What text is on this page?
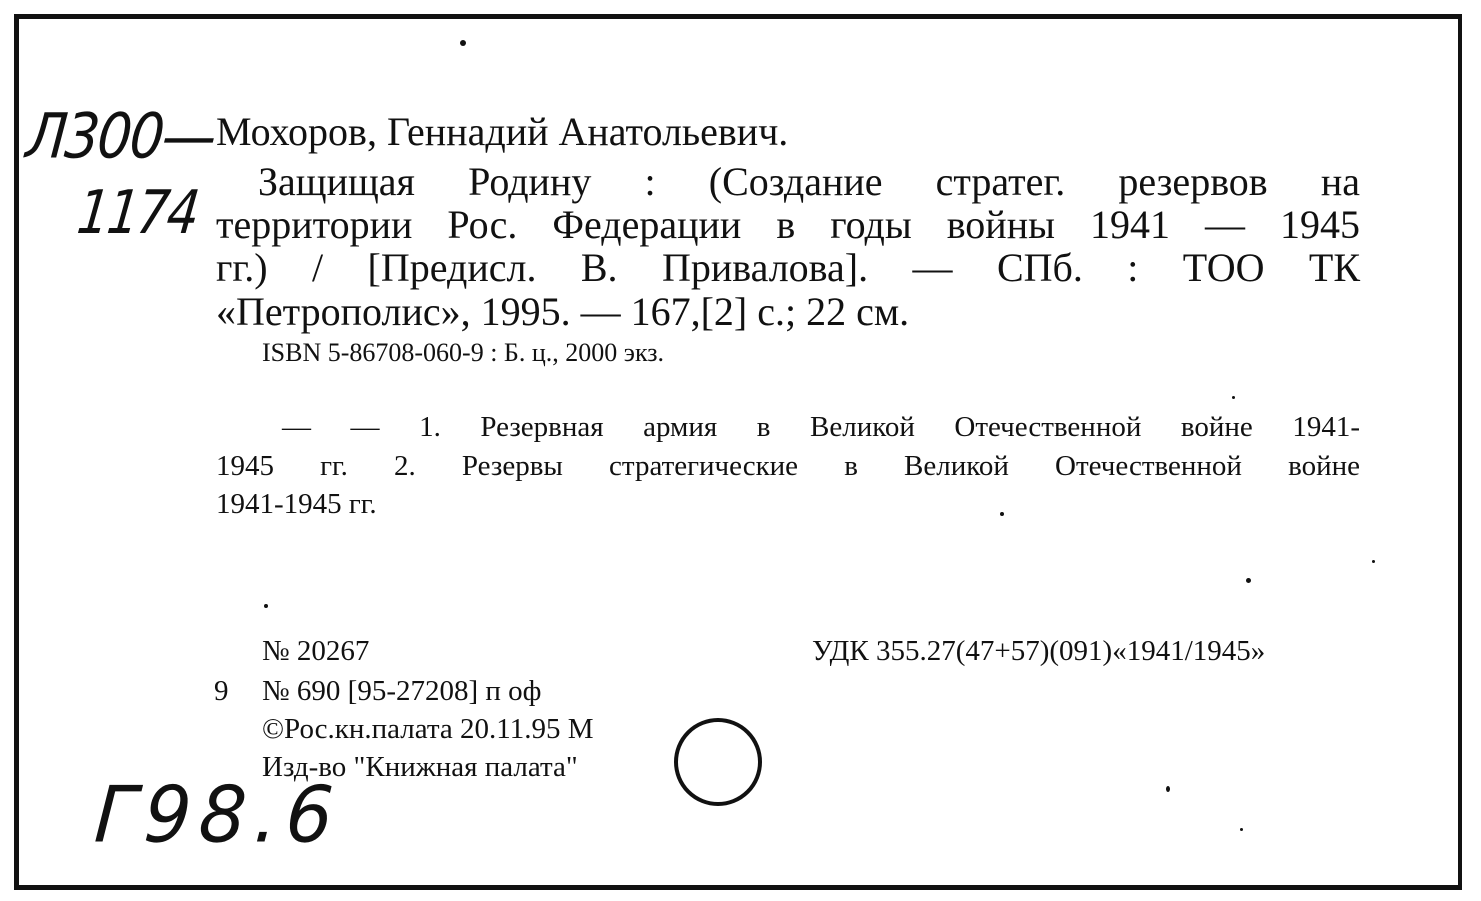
Л300—
1174
Г98.6
Мохоров, Геннадий Анатольевич.
Защищая Родину : (Создание стратег. резервов на
территории Рос. Федерации в годы войны 1941 — 1945
гг.) / [Предисл. В. Привалова]. — СПб. : ТОО ТК
«Петрополис», 1995. — 167,[2] с.; 22 см.
ISBN 5-86708-060-9 : Б. ц., 2000 экз.
— — 1. Резервная армия в Великой Отечественной войне 1941-
1945 гг. 2. Резервы стратегические в Великой Отечественной войне
1941-1945 гг.
№ 20267	УДК 355.27(47+57)(091)«1941/1945»
9 № 690 [95-27208] п оф
©Рос.кн.палата 20.11.95 М
Изд-во "Книжная палата"
